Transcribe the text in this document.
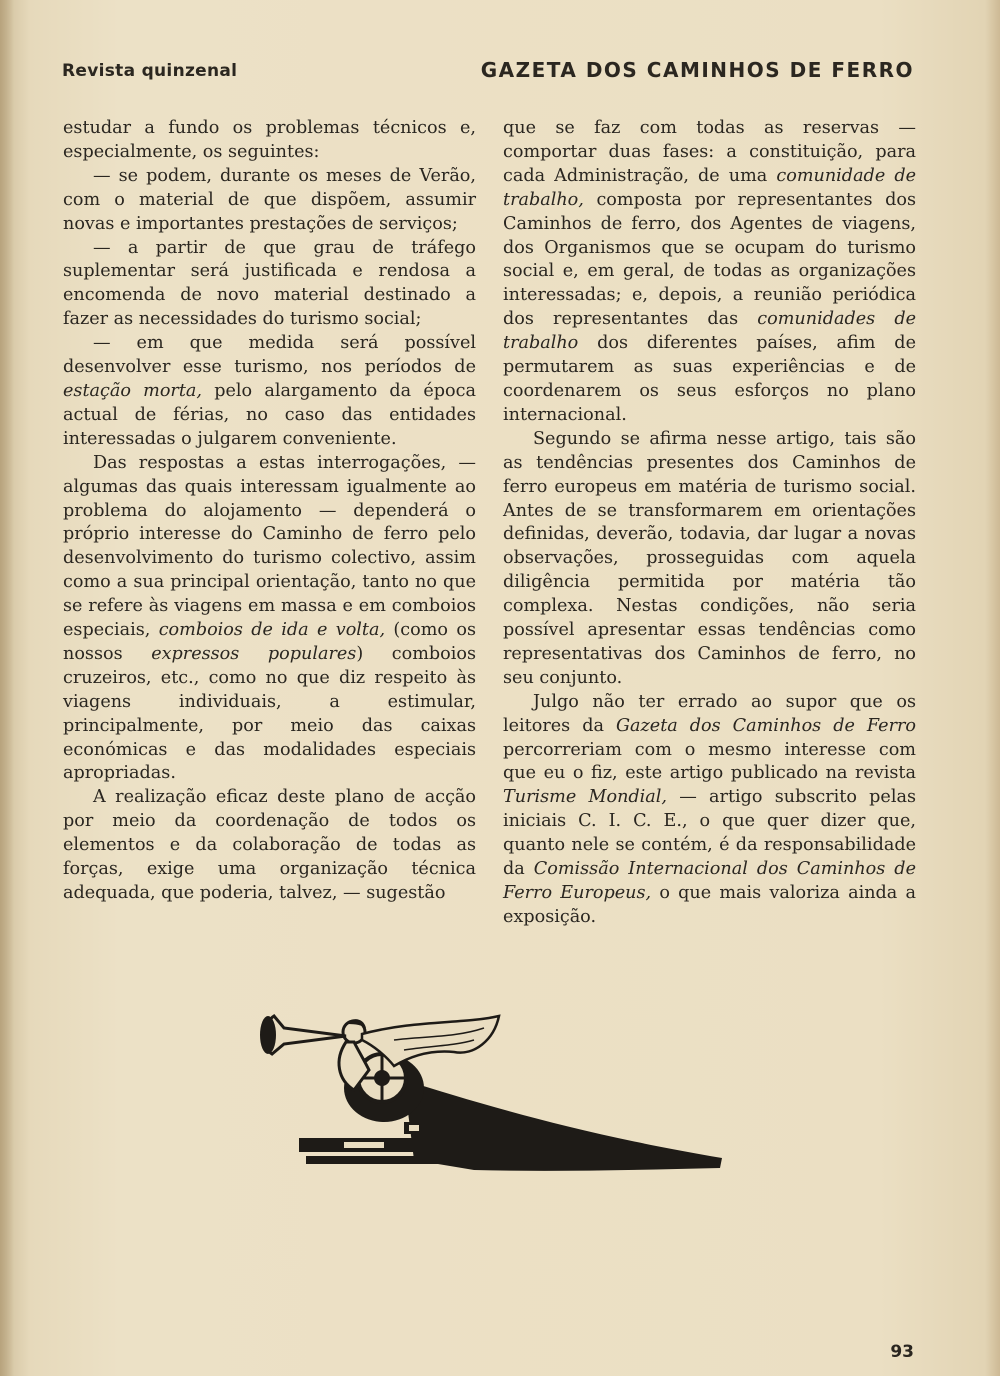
Revista quinzenal	GAZETA DOS CAMINHOS DE FERRO

estudar a fundo os problemas técnicos e, especialmente, os seguintes:

— se podem, durante os meses de Verão, com o material de que dispõem, assumir novas e importantes prestações de serviços;

— a partir de que grau de tráfego suplementar será justificada e rendosa a encomenda de novo material destinado a fazer as necessidades do turismo social;

— em que medida será possível desenvolver esse turismo, nos períodos de estação morta, pelo alargamento da época actual de férias, no caso das entidades interessadas o julgarem conveniente.

Das respostas a estas interrogações, — algumas das quais interessam igualmente ao problema do alojamento — dependerá o próprio interesse do Caminho de ferro pelo desenvolvimento do turismo colectivo, assim como a sua principal orientação, tanto no que se refere às viagens em massa e em comboios especiais, comboios de ida e volta, (como os nossos expressos populares) comboios cruzeiros, etc., como no que diz respeito às viagens individuais, a estimular, principalmente, por meio das caixas económicas e das modalidades especiais apropriadas.

A realização eficaz deste plano de acção por meio da coordenação de todos os elementos e da colaboração de todas as forças, exige uma organização técnica adequada, que poderia, talvez, — sugestão

que se faz com todas as reservas — comportar duas fases: a constituição, para cada Administração, de uma comunidade de trabalho, composta por representantes dos Caminhos de ferro, dos Agentes de viagens, dos Organismos que se ocupam do turismo social e, em geral, de todas as organizações interessadas; e, depois, a reunião periódica dos representantes das comunidades de trabalho dos diferentes países, afim de permutarem as suas experiências e de coordenarem os seus esforços no plano internacional.

Segundo se afirma nesse artigo, tais são as tendências presentes dos Caminhos de ferro europeus em matéria de turismo social. Antes de se transformarem em orientações definidas, deverão, todavia, dar lugar a novas observações, prosseguidas com aquela diligência permitida por matéria tão complexa. Nestas condições, não seria possível apresentar essas tendências como representativas dos Caminhos de ferro, no seu conjunto.

Julgo não ter errado ao supor que os leitores da Gazeta dos Caminhos de Ferro percorreriam com o mesmo interesse com que eu o fiz, este artigo publicado na revista Turisme Mondial, — artigo subscrito pelas iniciais C. I. C. E., o que quer dizer que, quanto nele se contém, é da responsabilidade da Comissão Internacional dos Caminhos de Ferro Europeus, o que mais valoriza ainda a exposição.

93
